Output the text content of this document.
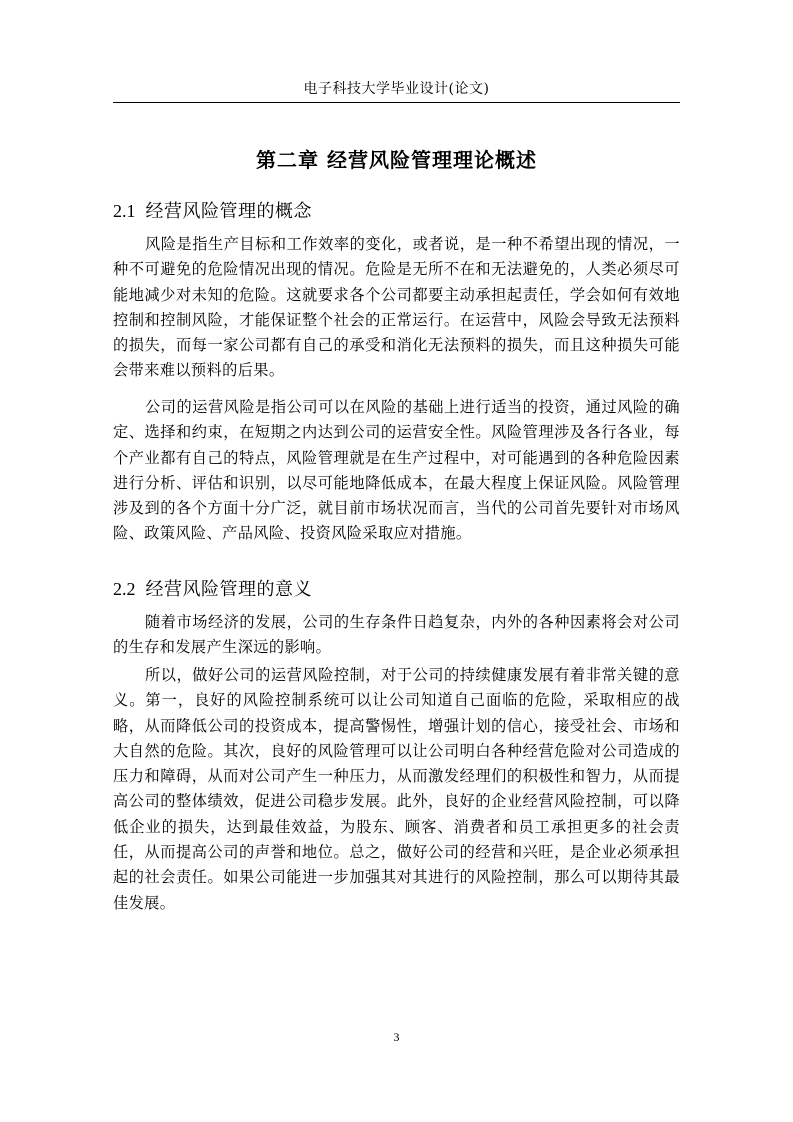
电子科技大学毕业设计(论文)
第二章 经营风险管理理论概述
2.1 经营风险管理的概念

风险是指生产目标和工作效率的变化，或者说，是一种不希望出现的情况，一种不可避免的危险情况出现的情况。危险是无所不在和无法避免的，人类必须尽可能地减少对未知的危险。这就要求各个公司都要主动承担起责任，学会如何有效地控制和控制风险，才能保证整个社会的正常运行。在运营中，风险会导致无法预料的损失，而每一家公司都有自己的承受和消化无法预料的损失，而且这种损失可能会带来难以预料的后果。

公司的运营风险是指公司可以在风险的基础上进行适当的投资，通过风险的确定、选择和约束，在短期之内达到公司的运营安全性。风险管理涉及各行各业，每个产业都有自己的特点，风险管理就是在生产过程中，对可能遇到的各种危险因素进行分析、评估和识别，以尽可能地降低成本，在最大程度上保证风险。风险管理涉及到的各个方面十分广泛，就目前市场状况而言，当代的公司首先要针对市场风险、政策风险、产品风险、投资风险采取应对措施。

2.2 经营风险管理的意义

随着市场经济的发展，公司的生存条件日趋复杂，内外的各种因素将会对公司的生存和发展产生深远的影响。

所以，做好公司的运营风险控制，对于公司的持续健康发展有着非常关键的意义。第一，良好的风险控制系统可以让公司知道自己面临的危险，采取相应的战略，从而降低公司的投资成本，提高警惕性，增强计划的信心，接受社会、市场和大自然的危险。其次，良好的风险管理可以让公司明白各种经营危险对公司造成的压力和障碍，从而对公司产生一种压力，从而激发经理们的积极性和智力，从而提高公司的整体绩效，促进公司稳步发展。此外，良好的企业经营风险控制，可以降低企业的损失，达到最佳效益，为股东、顾客、消费者和员工承担更多的社会责任，从而提高公司的声誉和地位。总之，做好公司的经营和兴旺，是企业必须承担起的社会责任。如果公司能进一步加强其对其进行的风险控制，那么可以期待其最佳发展。

3
